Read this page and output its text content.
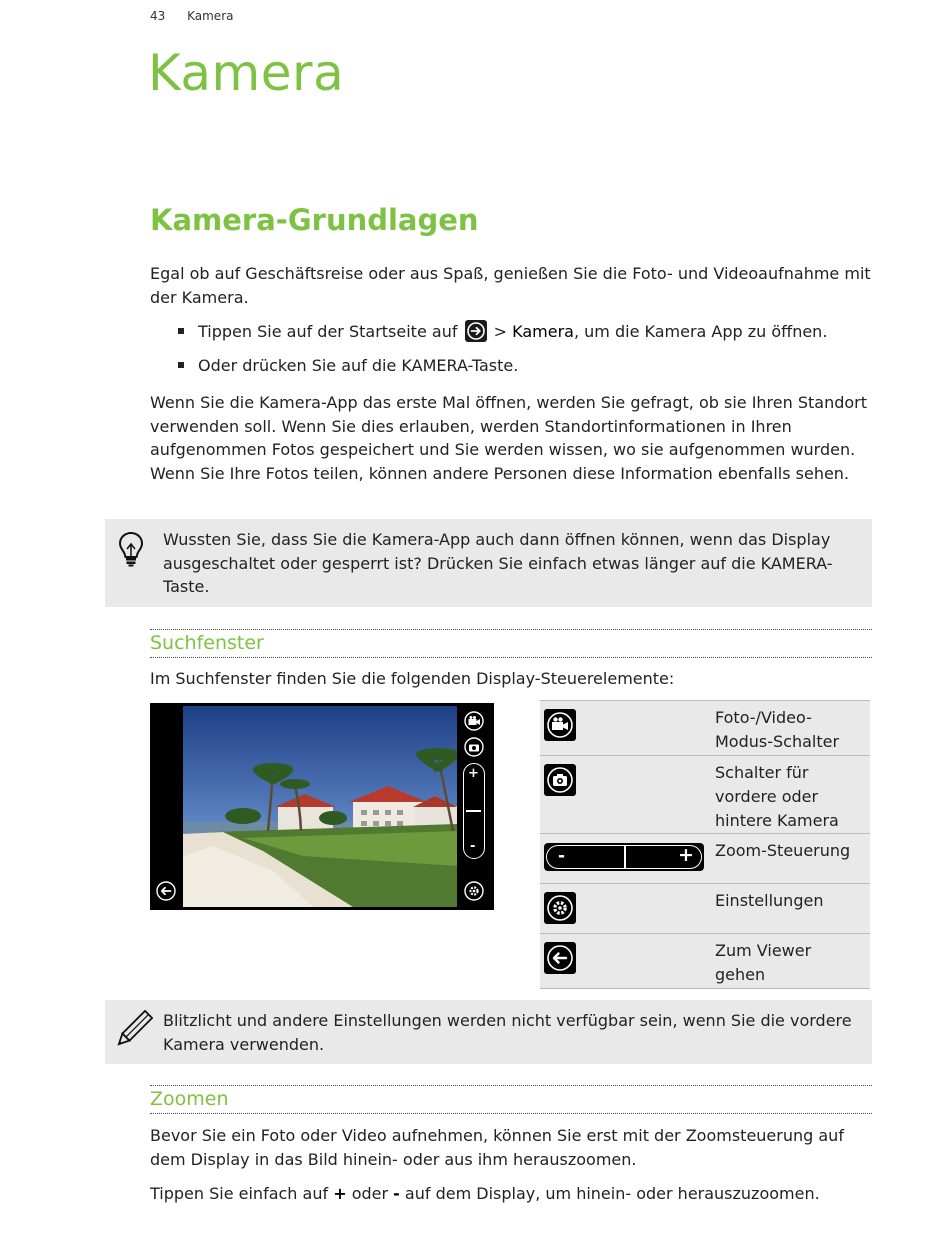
43 Kamera
Kamera
Kamera-Grundlagen
Egal ob auf Geschäftsreise oder aus Spaß, genießen Sie die Foto- und Videoaufnahme mit der Kamera.
Tippen Sie auf der Startseite auf > Kamera, um die Kamera App zu öffnen.
Oder drücken Sie auf die KAMERA-Taste.
Wenn Sie die Kamera-App das erste Mal öffnen, werden Sie gefragt, ob sie Ihren Standort verwenden soll. Wenn Sie dies erlauben, werden Standortinformationen in Ihren aufgenommen Fotos gespeichert und Sie werden wissen, wo sie aufgenommen wurden. Wenn Sie Ihre Fotos teilen, können andere Personen diese Information ebenfalls sehen.
Wussten Sie, dass Sie die Kamera-App auch dann öffnen können, wenn das Display ausgeschaltet oder gesperrt ist? Drücken Sie einfach etwas länger auf die KAMERA-Taste.
Suchfenster
Im Suchfenster finden Sie die folgenden Display-Steuerelemente:
+
-
Foto-/Video-Modus-Schalter
Schalter für vordere oder hintere Kamera
-	+ Zoom-Steuerung
Einstellungen
Zum Viewer gehen
Blitzlicht und andere Einstellungen werden nicht verfügbar sein, wenn Sie die vordere Kamera verwenden.
Zoomen
Bevor Sie ein Foto oder Video aufnehmen, können Sie erst mit der Zoomsteuerung auf dem Display in das Bild hinein- oder aus ihm herauszoomen.
Tippen Sie einfach auf + oder - auf dem Display, um hinein- oder herauszuzoomen.
